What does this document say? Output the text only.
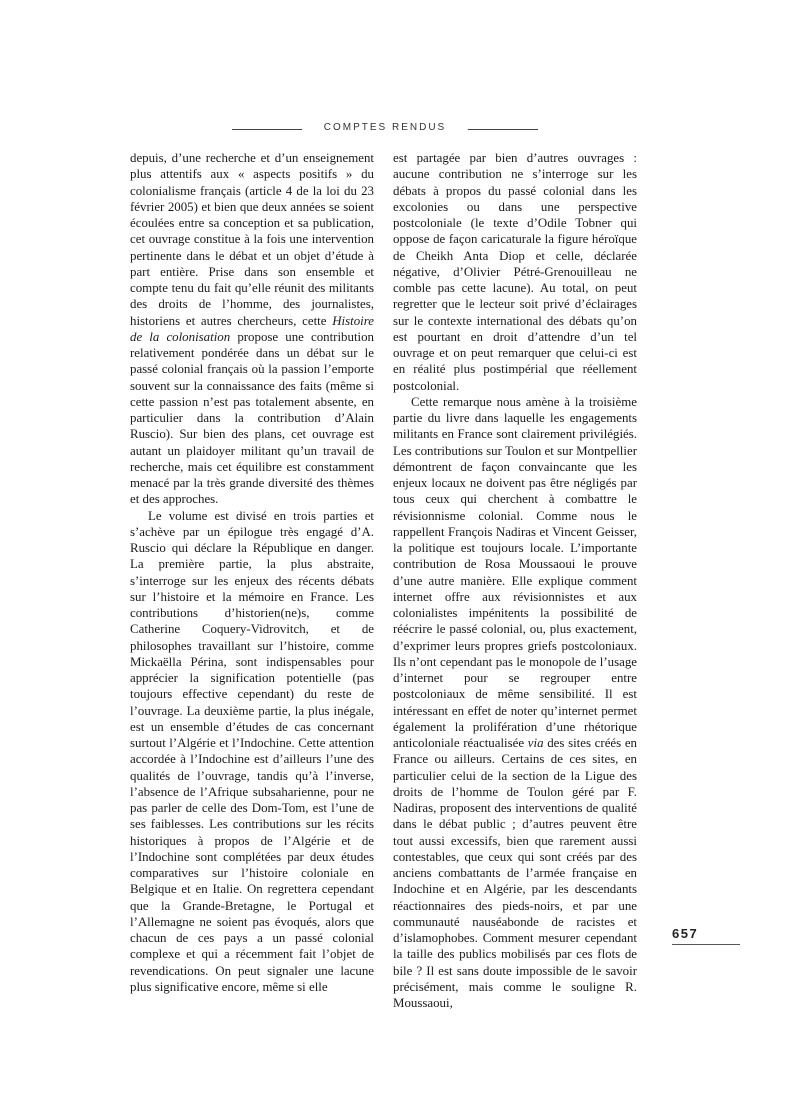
COMPTES RENDUS

depuis, d’une recherche et d’un enseignement plus attentifs aux « aspects positifs » du colonialisme français (article 4 de la loi du 23 février 2005) et bien que deux années se soient écoulées entre sa conception et sa publication, cet ouvrage constitue à la fois une intervention pertinente dans le débat et un objet d’étude à part entière. Prise dans son ensemble et compte tenu du fait qu’elle réunit des militants des droits de l’homme, des journalistes, historiens et autres chercheurs, cette Histoire de la colonisation propose une contribution relativement pondérée dans un débat sur le passé colonial français où la passion l’emporte souvent sur la connaissance des faits (même si cette passion n’est pas totalement absente, en particulier dans la contribution d’Alain Ruscio). Sur bien des plans, cet ouvrage est autant un plaidoyer militant qu’un travail de recherche, mais cet équilibre est constamment menacé par la très grande diversité des thèmes et des approches.

Le volume est divisé en trois parties et s’achève par un épilogue très engagé d’A. Ruscio qui déclare la République en danger. La première partie, la plus abstraite, s’interroge sur les enjeux des récents débats sur l’histoire et la mémoire en France. Les contributions d’historien(ne)s, comme Catherine Coquery-Vidrovitch, et de philosophes travaillant sur l’histoire, comme Mickaëlla Périna, sont indispensables pour apprécier la signification potentielle (pas toujours effective cependant) du reste de l’ouvrage. La deuxième partie, la plus inégale, est un ensemble d’études de cas concernant surtout l’Algérie et l’Indochine. Cette attention accordée à l’Indochine est d’ailleurs l’une des qualités de l’ouvrage, tandis qu’à l’inverse, l’absence de l’Afrique subsaharienne, pour ne pas parler de celle des Dom-Tom, est l’une de ses faiblesses. Les contributions sur les récits historiques à propos de l’Algérie et de l’Indochine sont complétées par deux études comparatives sur l’histoire coloniale en Belgique et en Italie. On regrettera cependant que la Grande-Bretagne, le Portugal et l’Allemagne ne soient pas évoqués, alors que chacun de ces pays a un passé colonial complexe et qui a récemment fait l’objet de revendications. On peut signaler une lacune plus significative encore, même si elle

est partagée par bien d’autres ouvrages : aucune contribution ne s’interroge sur les débats à propos du passé colonial dans les excolonies ou dans une perspective postcoloniale (le texte d’Odile Tobner qui oppose de façon caricaturale la figure héroïque de Cheikh Anta Diop et celle, déclarée négative, d’Olivier Pétré-Grenouilleau ne comble pas cette lacune). Au total, on peut regretter que le lecteur soit privé d’éclairages sur le contexte international des débats qu’on est pourtant en droit d’attendre d’un tel ouvrage et on peut remarquer que celui-ci est en réalité plus postimpérial que réellement postcolonial.

Cette remarque nous amène à la troisième partie du livre dans laquelle les engagements militants en France sont clairement privilégiés. Les contributions sur Toulon et sur Montpellier démontrent de façon convaincante que les enjeux locaux ne doivent pas être négligés par tous ceux qui cherchent à combattre le révisionnisme colonial. Comme nous le rappellent François Nadiras et Vincent Geisser, la politique est toujours locale. L’importante contribution de Rosa Moussaoui le prouve d’une autre manière. Elle explique comment internet offre aux révisionnistes et aux colonialistes impénitents la possibilité de réécrire le passé colonial, ou, plus exactement, d’exprimer leurs propres griefs postcoloniaux. Ils n’ont cependant pas le monopole de l’usage d’internet pour se regrouper entre postcoloniaux de même sensibilité. Il est intéressant en effet de noter qu’internet permet également la prolifération d’une rhétorique anticoloniale réactualisée via des sites créés en France ou ailleurs. Certains de ces sites, en particulier celui de la section de la Ligue des droits de l’homme de Toulon géré par F. Nadiras, proposent des interventions de qualité dans le débat public ; d’autres peuvent être tout aussi excessifs, bien que rarement aussi contestables, que ceux qui sont créés par des anciens combattants de l’armée française en Indochine et en Algérie, par les descendants réactionnaires des pieds-noirs, et par une communauté nauséabonde de racistes et d’islamophobes. Comment mesurer cependant la taille des publics mobilisés par ces flots de bile ? Il est sans doute impossible de le savoir précisément, mais comme le souligne R. Moussaoui,

657
